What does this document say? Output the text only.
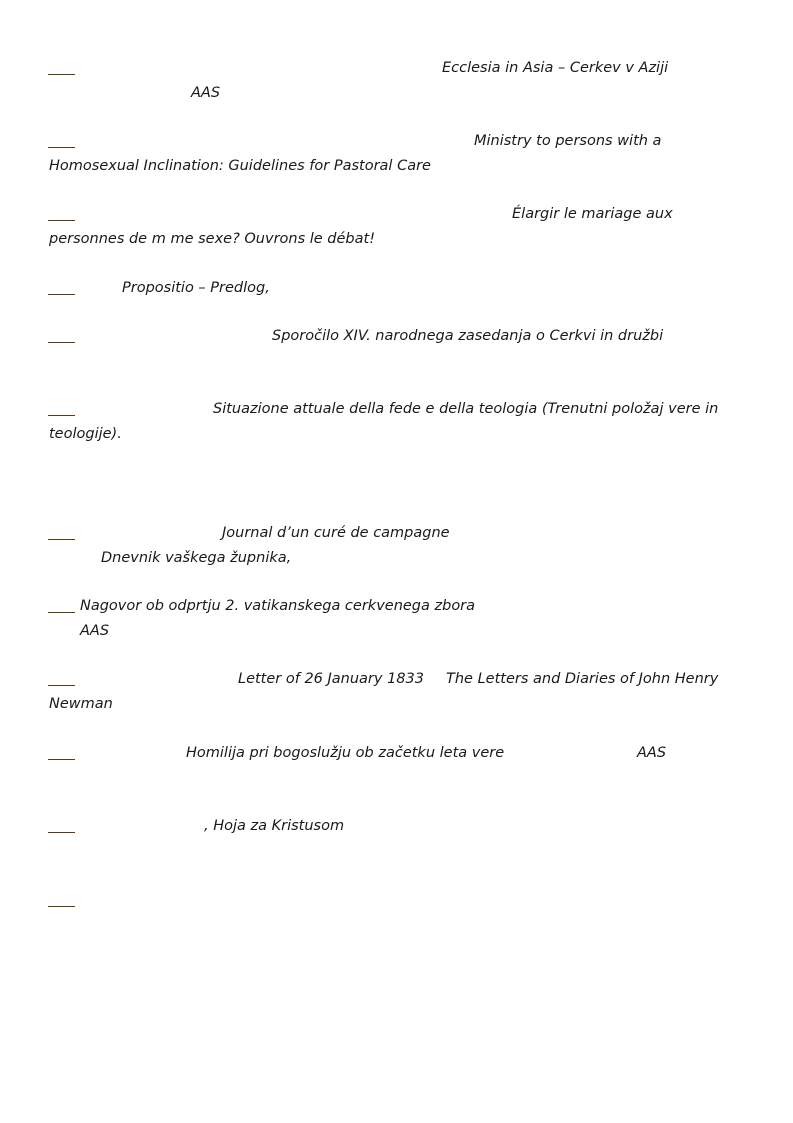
Ecclesia in Asia – Cerkev v Aziji
AAS
Ministry to persons with a
Homosexual Inclination: Guidelines for Pastoral Care
Élargir le mariage aux
personnes de m me sexe? Ouvrons le débat!
Propositio – Predlog,
Sporočilo XIV. narodnega zasedanja o Cerkvi in družbi
Situazione attuale della fede e della teologia (Trenutni položaj vere in
teologije).
Journal d’un curé de campagne
Dnevnik vaškega župnika,
Nagovor ob odprtju 2. vatikanskega cerkvenega zbora
AAS
Letter of 26 January 1833 The Letters and Diaries of John Henry
Newman
Homilija pri bogoslužju ob začetku leta vere	AAS
, Hoja za Kristusom
